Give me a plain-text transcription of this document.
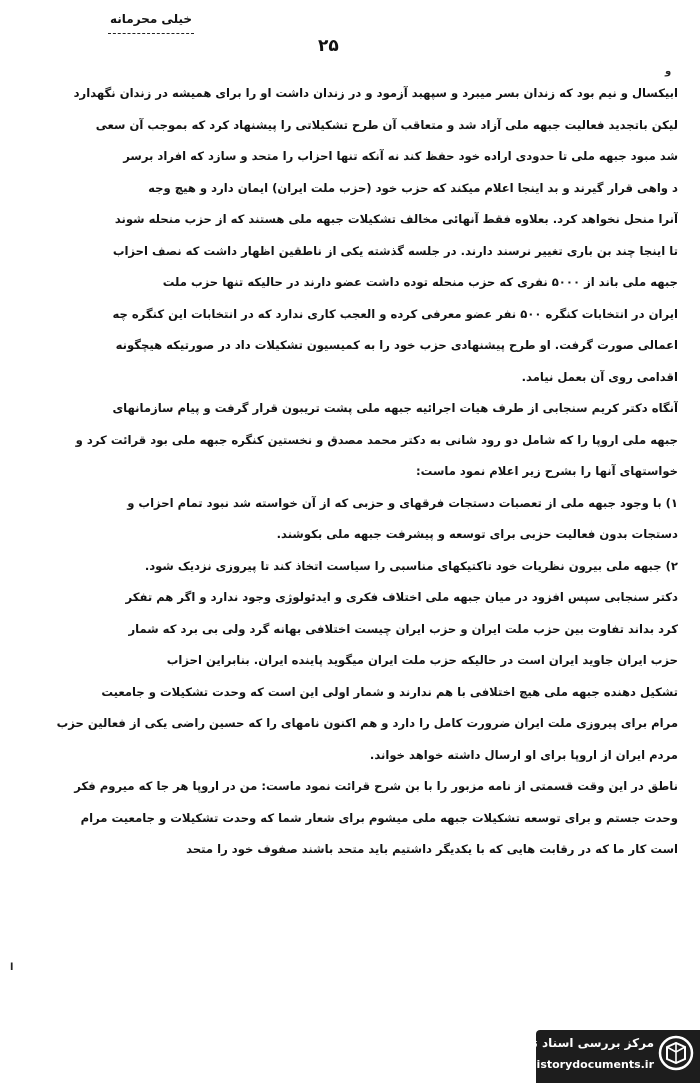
خیلی محرمانه
۲۵
و
ا
ابیکسال و نیم بود که زندان بسر میبرد و سپهبد آزمود و در زندان داشت او را برای همیشه در زندان نگهدارد
لیکن باتجدید فعالیت جبهه ملی آزاد شد و متعاقب آن طرح تشکیلاتی را پیشنهاد کرد که بموجب آن سعی
شد مبود جبهه ملی تا حدودی اراده خود حفظ کند نه آنکه تنها احزاب را متحد و سازد که افراد برسر
د واهی قرار گیرند و بد اینجا اعلام میکند که حزب خود (حزب ملت ایران) ایمان دارد و هیچ وجه
آنرا منحل نخواهد کرد. بعلاوه فقط آنهائی مخالف تشکیلات جبهه ملی هستند که از حزب منحله شوند
تا اینجا چند بن باری تغییر نرسند دارند. در جلسه گذشته یکی از ناطقین اظهار داشت که نصف احزاب
جبهه ملی باند از ۵۰۰۰ نفری که حزب منحله توده داشت عضو دارند در حالیکه تنها حزب ملت
ایران در انتخابات کنگره ۵۰۰ نفر عضو معرفی کرده و العجب کاری ندارد که در انتخابات این کنگره چه
اعمالی صورت گرفت. او طرح پیشنهادی حزب خود را به کمیسیون تشکیلات داد در صورتیکه هیچگونه
اقدامی روی آن بعمل نیامد.
آنگاه دکتر کریم سنجابی از طرف هیات اجرائیه جبهه ملی پشت تریبون قرار گرفت و پیام سازمانهای
جبهه ملی اروپا را که شامل دو رود شانی به دکتر محمد مصدق و نخستین کنگره جبهه ملی بود قرائت کرد و
خواستهای آنها را بشرح زیر اعلام نمود ماست:
۱) با وجود جبهه ملی از تعصبات دستجات فرقهای و حزبی که از آن خواسته شد نبود تمام احزاب و
دستجات بدون فعالیت حزبی برای توسعه و پیشرفت جبهه ملی بکوشند.
۲) جبهه ملی بیرون نظریات خود تاکتیکهای مناسبی را سیاست اتخاذ کند تا پیروزی نزدیک شود.
دکتر سنجابی سپس افزود در میان جبهه ملی اختلاف فکری و ایدئولوژی وجود ندارد و اگر هم تفکر
کرد بداند تفاوت بین حزب ملت ایران و حزب ایران چیست اختلافی بهانه گرد ولی بی برد که شمار
حزب ایران جاوید ایران است در حالیکه حزب ملت ایران میگوید پاینده ایران. بنابراین احزاب
تشکیل دهنده جبهه ملی هیچ اختلافی با هم ندارند و شمار اولی این است که وحدت تشکیلات و جامعیت
مرام برای پیروزی ملت ایران ضرورت کامل را دارد و هم اکنون نامهای را که حسین راضی یکی از فعالین حزب
مردم ایران از اروپا برای او ارسال داشته خواهد خواند.
ناطق در این وقت قسمتی از نامه مزبور را با بن شرح قرائت نمود ماست: من در اروپا هر جا که میروم فکر
وحدت جستم و برای توسعه تشکیلات جبهه ملی میشوم برای شعار شما که وحدت تشکیلات و جامعیت مرام
است کار ما که در رقابت هایی که با یکدیگر داشتیم باید متحد باشند صفوف خود را متحد
مرکز بررسی اسناد تاریخی
historydocuments.ir
